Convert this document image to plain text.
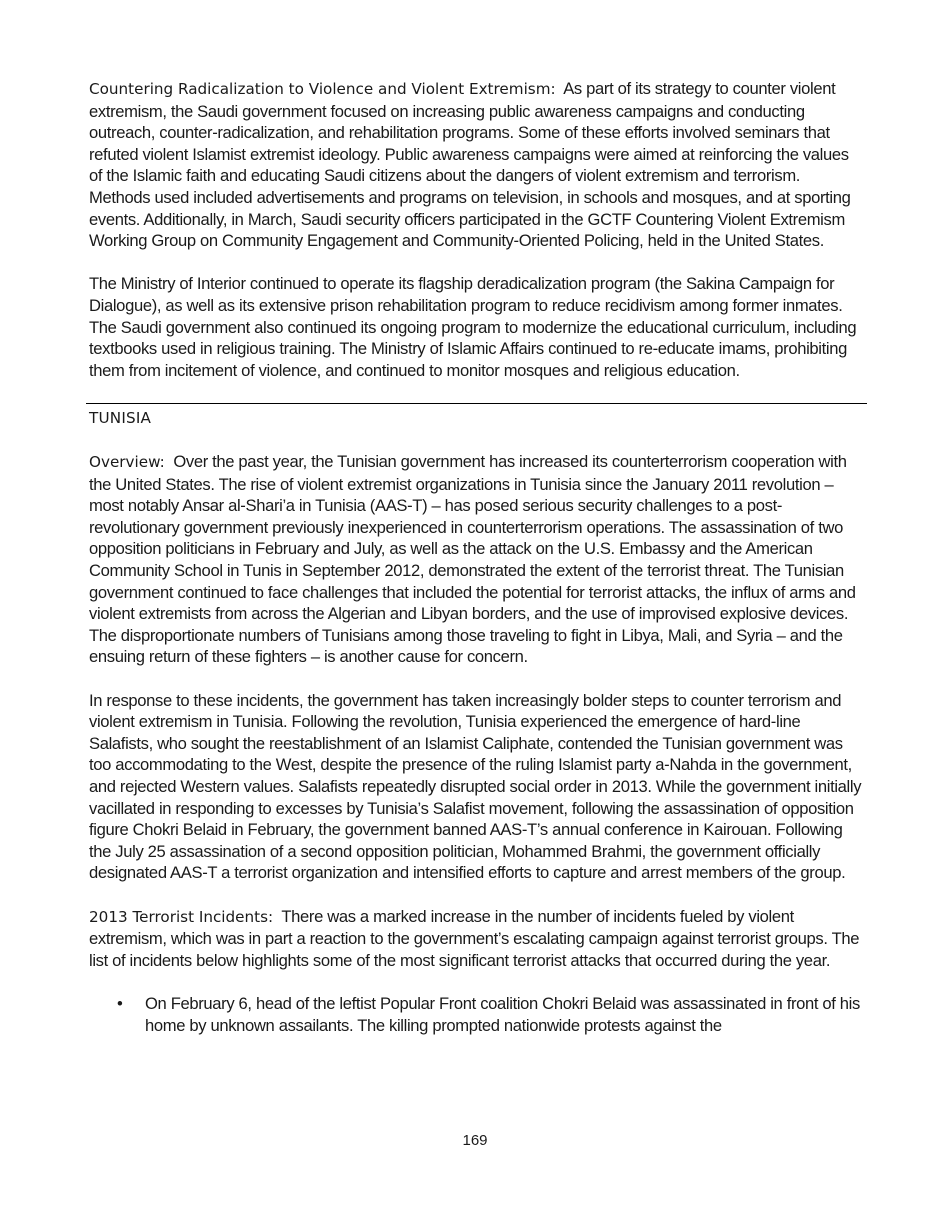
Countering Radicalization to Violence and Violent Extremism: As part of its strategy to counter violent extremism, the Saudi government focused on increasing public awareness campaigns and conducting outreach, counter-radicalization, and rehabilitation programs. Some of these efforts involved seminars that refuted violent Islamist extremist ideology. Public awareness campaigns were aimed at reinforcing the values of the Islamic faith and educating Saudi citizens about the dangers of violent extremism and terrorism. Methods used included advertisements and programs on television, in schools and mosques, and at sporting events. Additionally, in March, Saudi security officers participated in the GCTF Countering Violent Extremism Working Group on Community Engagement and Community-Oriented Policing, held in the United States.

The Ministry of Interior continued to operate its flagship deradicalization program (the Sakina Campaign for Dialogue), as well as its extensive prison rehabilitation program to reduce recidivism among former inmates. The Saudi government also continued its ongoing program to modernize the educational curriculum, including textbooks used in religious training. The Ministry of Islamic Affairs continued to re-educate imams, prohibiting them from incitement of violence, and continued to monitor mosques and religious education.

TUNISIA

Overview: Over the past year, the Tunisian government has increased its counterterrorism cooperation with the United States. The rise of violent extremist organizations in Tunisia since the January 2011 revolution – most notably Ansar al-Shari’a in Tunisia (AAS-T) – has posed serious security challenges to a post-revolutionary government previously inexperienced in counterterrorism operations. The assassination of two opposition politicians in February and July, as well as the attack on the U.S. Embassy and the American Community School in Tunis in September 2012, demonstrated the extent of the terrorist threat. The Tunisian government continued to face challenges that included the potential for terrorist attacks, the influx of arms and violent extremists from across the Algerian and Libyan borders, and the use of improvised explosive devices. The disproportionate numbers of Tunisians among those traveling to fight in Libya, Mali, and Syria – and the ensuing return of these fighters – is another cause for concern.

In response to these incidents, the government has taken increasingly bolder steps to counter terrorism and violent extremism in Tunisia. Following the revolution, Tunisia experienced the emergence of hard-line Salafists, who sought the reestablishment of an Islamist Caliphate, contended the Tunisian government was too accommodating to the West, despite the presence of the ruling Islamist party a-Nahda in the government, and rejected Western values. Salafists repeatedly disrupted social order in 2013. While the government initially vacillated in responding to excesses by Tunisia’s Salafist movement, following the assassination of opposition figure Chokri Belaid in February, the government banned AAS-T’s annual conference in Kairouan. Following the July 25 assassination of a second opposition politician, Mohammed Brahmi, the government officially designated AAS-T a terrorist organization and intensified efforts to capture and arrest members of the group.

2013 Terrorist Incidents: There was a marked increase in the number of incidents fueled by violent extremism, which was in part a reaction to the government’s escalating campaign against terrorist groups. The list of incidents below highlights some of the most significant terrorist attacks that occurred during the year.

• On February 6, head of the leftist Popular Front coalition Chokri Belaid was assassinated in front of his home by unknown assailants. The killing prompted nationwide protests against the
169
